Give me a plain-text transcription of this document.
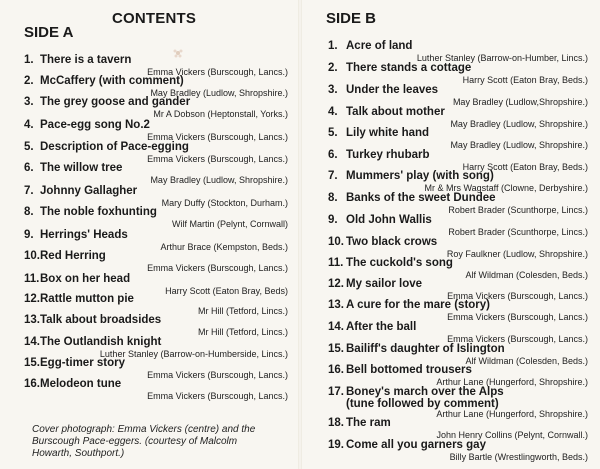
CONTENTS
SIDE A
1. There is a tavern
Emma Vickers (Burscough, Lancs.)
2. McCaffery (with comment)
May Bradley (Ludlow, Shropshire.)
3. The grey goose and gander
Mr A Dobson (Heptonstall, Yorks.)
4. Pace-egg song No.2
Emma Vickers (Burscough, Lancs.)
5. Description of Pace-egging
Emma Vickers (Burscough, Lancs.)
6. The willow tree
May Bradley (Ludlow, Shropshire.)
7. Johnny Gallagher
Mary Duffy (Stockton, Durham.)
8. The noble foxhunting
Wilf Martin (Pelynt, Cornwall)
9. Herrings' Heads
Arthur Brace (Kempston, Beds.)
10. Red Herring
Emma Vickers (Burscough, Lancs.)
11. Box on her head
Harry Scott (Eaton Bray, Beds)
12. Rattle mutton pie
Mr Hill (Tetford, Lincs.)
13. Talk about broadsides
Mr Hill (Tetford, Lincs.)
14. The Outlandish knight
Luther Stanley (Barrow-on-Humberside, Lincs.)
15. Egg-timer story
Emma Vickers (Burscough, Lancs.)
16. Melodeon tune
Emma Vickers (Burscough, Lancs.)
Cover photograph: Emma Vickers (centre) and the
Burscough Pace-eggers. (courtesy of Malcolm
Howarth, Southport.)
SIDE B
1. Acre of land
Luther Stanley (Barrow-on-Humber, Lincs.)
2. There stands a cottage
Harry Scott (Eaton Bray, Beds.)
3. Under the leaves
May Bradley (Ludlow,Shropshire.)
4. Talk about mother
May Bradley (Ludlow, Shropshire.)
5. Lily white hand
May Bradley (Ludlow, Shropshire.)
6. Turkey rhubarb
Harry Scott (Eaton Bray, Beds.)
7. Mummers' play (with song)
Mr & Mrs Wagstaff (Clowne, Derbyshire.)
8. Banks of the sweet Dundee
Robert Brader (Scunthorpe, Lincs.)
9. Old John Wallis
Robert Brader (Scunthorpe, Lincs.)
10. Two black crows
Roy Faulkner (Ludlow, Shropshire.)
11. The cuckold's song
Alf Wildman (Colesden, Beds.)
12. My sailor love
Emma Vickers (Burscough, Lancs.)
13. A cure for the mare (story)
Emma Vickers (Burscough, Lancs.)
14. After the ball
Emma Vickers (Burscough, Lancs.)
15. Bailiff's daughter of Islington
Alf Wildman (Colesden, Beds.)
16. Bell bottomed trousers
Arthur Lane (Hungerford, Shropshire.)
17. Boney's march over the Alps
(tune followed by comment)
Arthur Lane (Hungerford, Shropshire.)
18. The ram
John Henry Collins (Pelynt, Cornwall.)
19. Come all you garners gay
Billy Bartle (Wrestlingworth, Beds.)
